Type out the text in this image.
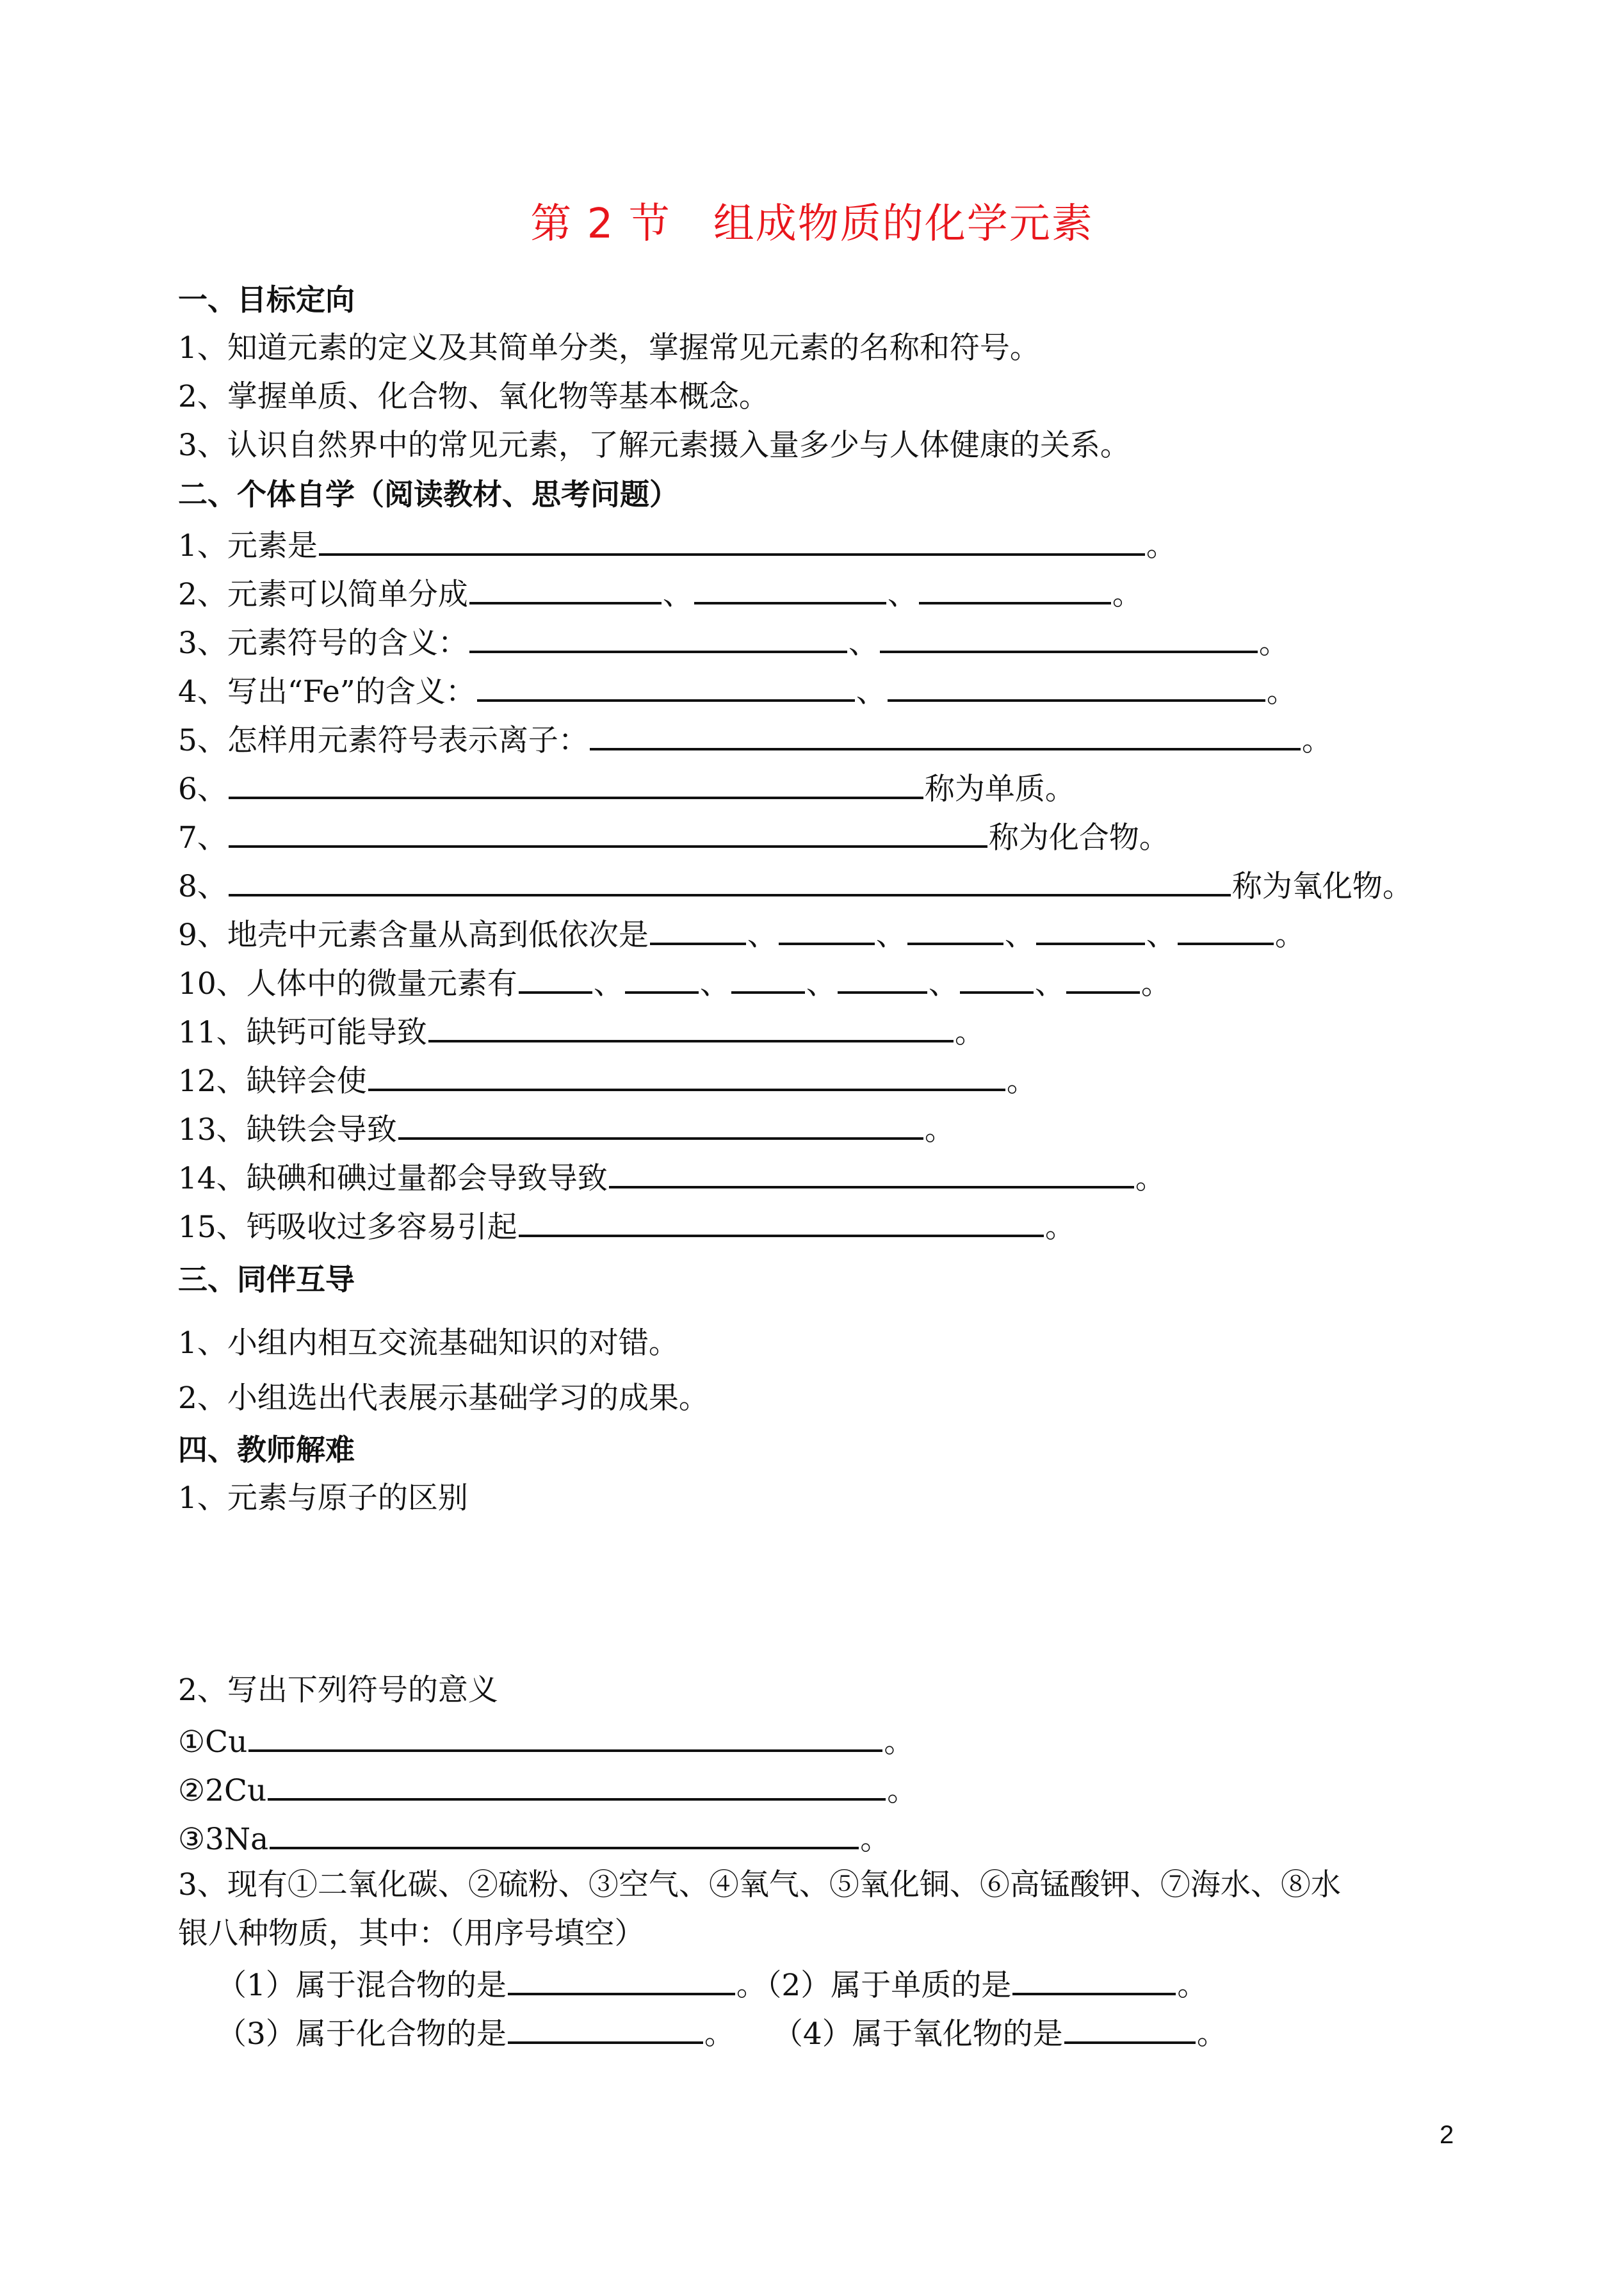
第 2 节　组成物质的化学元素
一、目标定向
1、知道元素的定义及其简单分类，掌握常见元素的名称和符号。
2、掌握单质、化合物、氧化物等基本概念。
3、认识自然界中的常见元素，了解元素摄入量多少与人体健康的关系。
二、个体自学（阅读教材、思考问题）
1、元素是	。
2、元素可以简单分成	、	、	。
3、元素符号的含义：	、	。
4、写出“Fe”的含义：	、	。
5、怎样用元素符号表示离子：	。
6、	称为单质。
7、	称为化合物。
8、	称为氧化物。
9、地壳中元素含量从高到低依次是	、	、	、	、	。
10、人体中的微量元素有	、	、	、	、	、	。
11、缺钙可能导致	。
12、缺锌会使	。
13、缺铁会导致	。
14、缺碘和碘过量都会导致导致	。
15、钙吸收过多容易引起	。
三、同伴互导
1、小组内相互交流基础知识的对错。
2、小组选出代表展示基础学习的成果。
四、教师解难
1、元素与原子的区别
2、写出下列符号的意义
①Cu	。
②2Cu	。
③3Na	。
3、现有①二氧化碳、②硫粉、③空气、④氧气、⑤氧化铜、⑥高锰酸钾、⑦海水、⑧水
银八种物质，其中：（用序号填空）
（1）属于混合物的是	。（2）属于单质的是	。
（3）属于化合物的是	。 （4）属于氧化物的是	。
2
